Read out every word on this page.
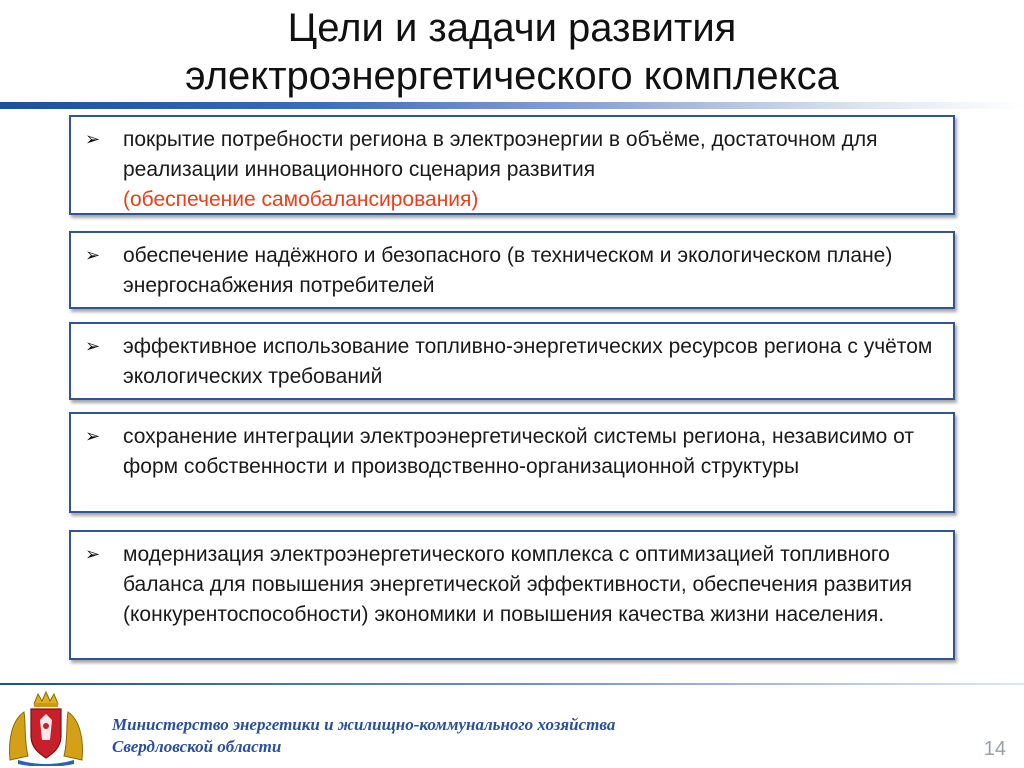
Цели и задачи развития
электроэнергетического комплекса
➢	покрытие потребности региона в электроэнергии в объёме, достаточном для реализации инновационного сценария развития
(обеспечение самобалансирования)
➢	обеспечение надёжного и безопасного (в техническом и экологическом плане) энергоснабжения потребителей
➢	эффективное использование топливно-энергетических ресурсов региона с учётом экологических требований
➢	сохранение интеграции электроэнергетической системы региона, независимо от форм собственности и производственно-организационной структуры
➢	модернизация электроэнергетического комплекса с оптимизацией топливного баланса для повышения энергетической эффективности, обеспечения развития (конкурентоспособности) экономики и повышения качества жизни населения.
Министерство энергетики и жилищно-коммунального хозяйства
Свердловской области	14
